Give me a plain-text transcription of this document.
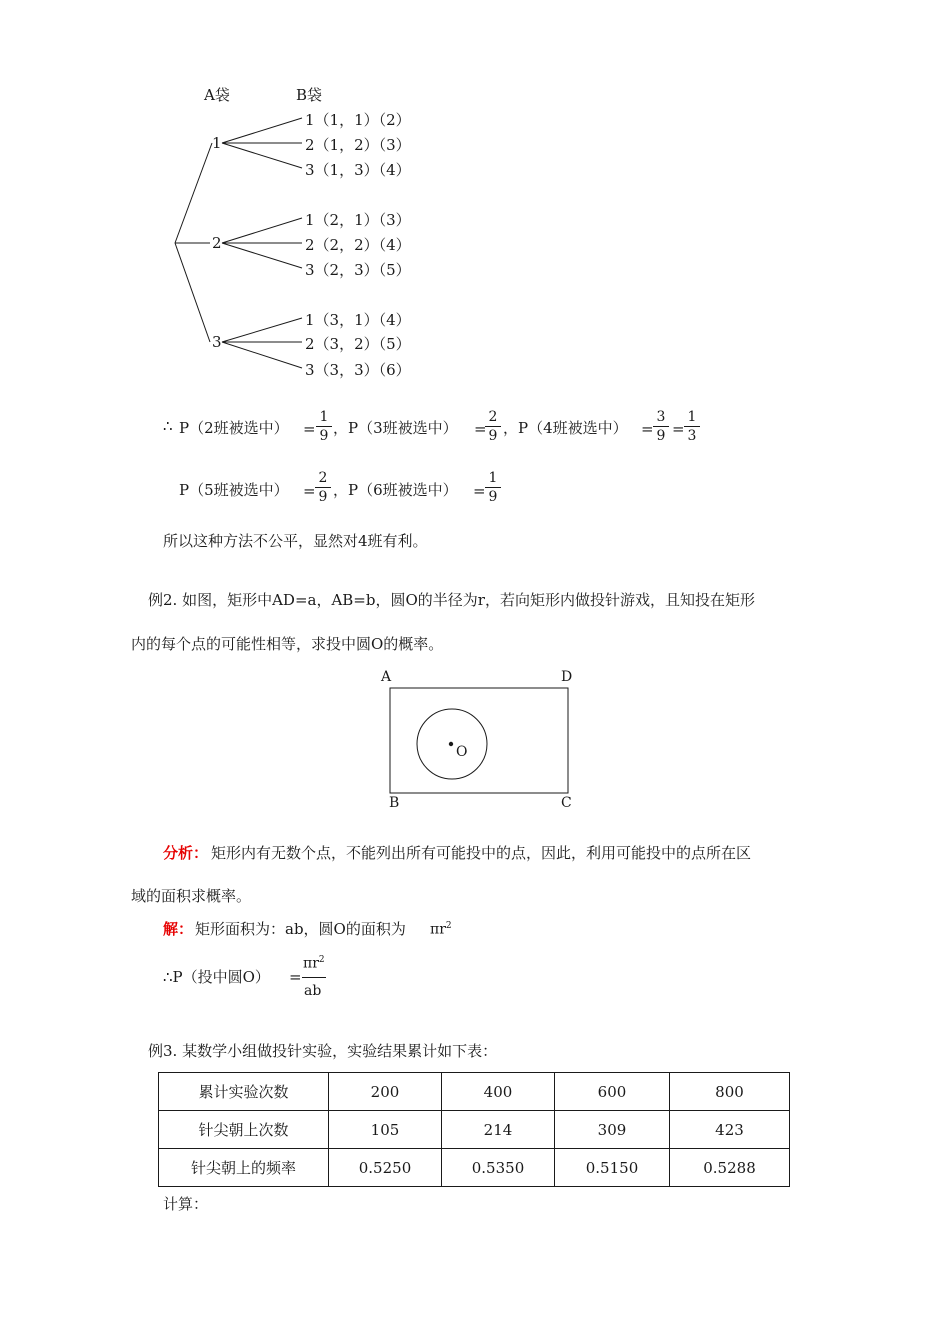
A袋	B袋
1
2
3
1（1，1）（2）
2（1，2）（3）
3（1，3）（4）
1（2，1）（3）
2（2，2）（4）
3（2，3）（5）
1（3，1）（4）
2（3，2）（5）
3（3，3）（6）
∴ P（2班被选中） =
1
9 ，P（3班被选中） =
2
9 ，P（4班被选中） =
3
9 =
1
3
P（5班被选中） =
2
9 ，P（6班被选中） =
1
9
所以这种方法不公平，显然对4班有利。
例2. 如图，矩形中AD=a，AB=b，圆O的半径为r，若向矩形内做投针游戏，且知投在矩形
内的每个点的可能性相等，求投中圆O的概率。
A	D
B	C
O
分析： 矩形内有无数个点，不能列出所有可能投中的点，因此，利用可能投中的点所在区
域的面积求概率。
解： 矩形面积为：ab，圆O的面积为 $\pi r^2$
∴P（投中圆O） =
$\pi r^2$
ab
例3. 某数学小组做投针实验，实验结果累计如下表：
累计实验次数	200	400	600	800
针尖朝上次数	105	214	309	423
针尖朝上的频率	0.5250	0.5350	0.5150	0.5288
计算：
